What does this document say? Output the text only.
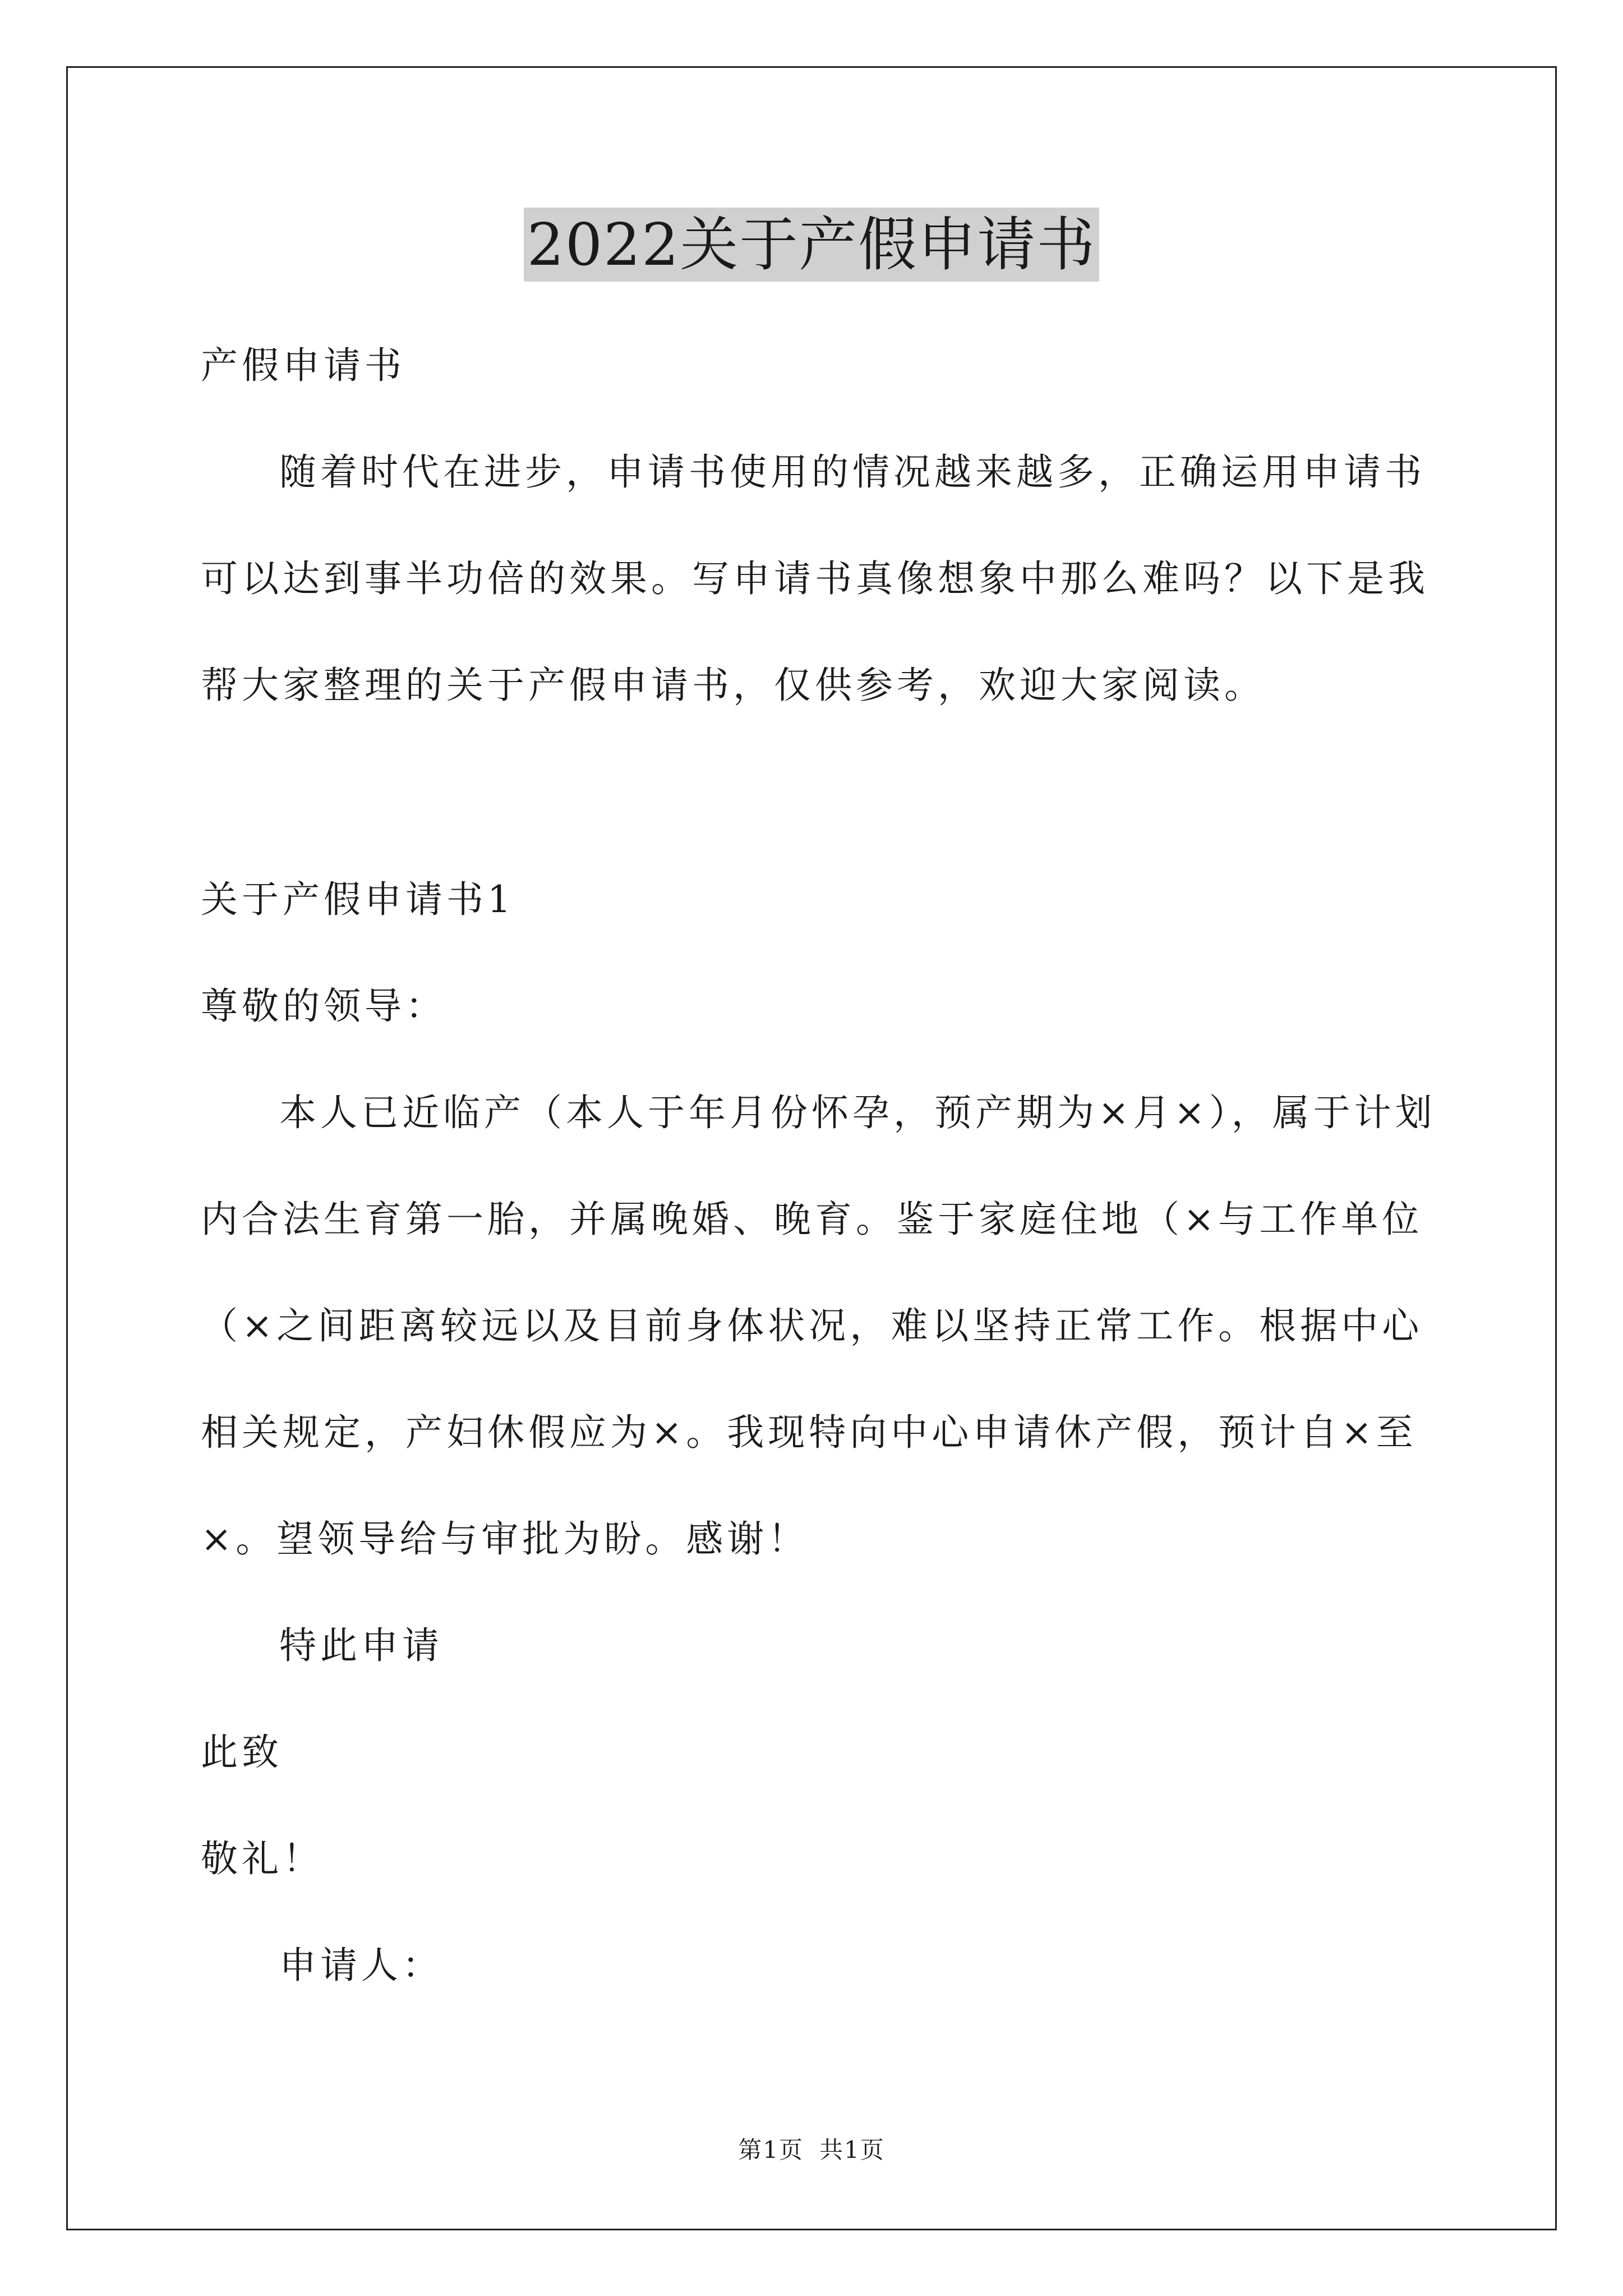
2022关于产假申请书
产假申请书
随着时代在进步，申请书使用的情况越来越多，正确运用申请书
可以达到事半功倍的效果。写申请书真像想象中那么难吗？以下是我
帮大家整理的关于产假申请书，仅供参考，欢迎大家阅读。
关于产假申请书1
尊敬的领导：
本人已近临产（本人于年月份怀孕，预产期为×月×），属于计划
内合法生育第一胎，并属晚婚、晚育。鉴于家庭住地（×与工作单位
（×之间距离较远以及目前身体状况，难以坚持正常工作。根据中心
相关规定，产妇休假应为×。我现特向中心申请休产假，预计自×至
×。望领导给与审批为盼。感谢！
特此申请
此致
敬礼！
申请人：
第1页 共1页
